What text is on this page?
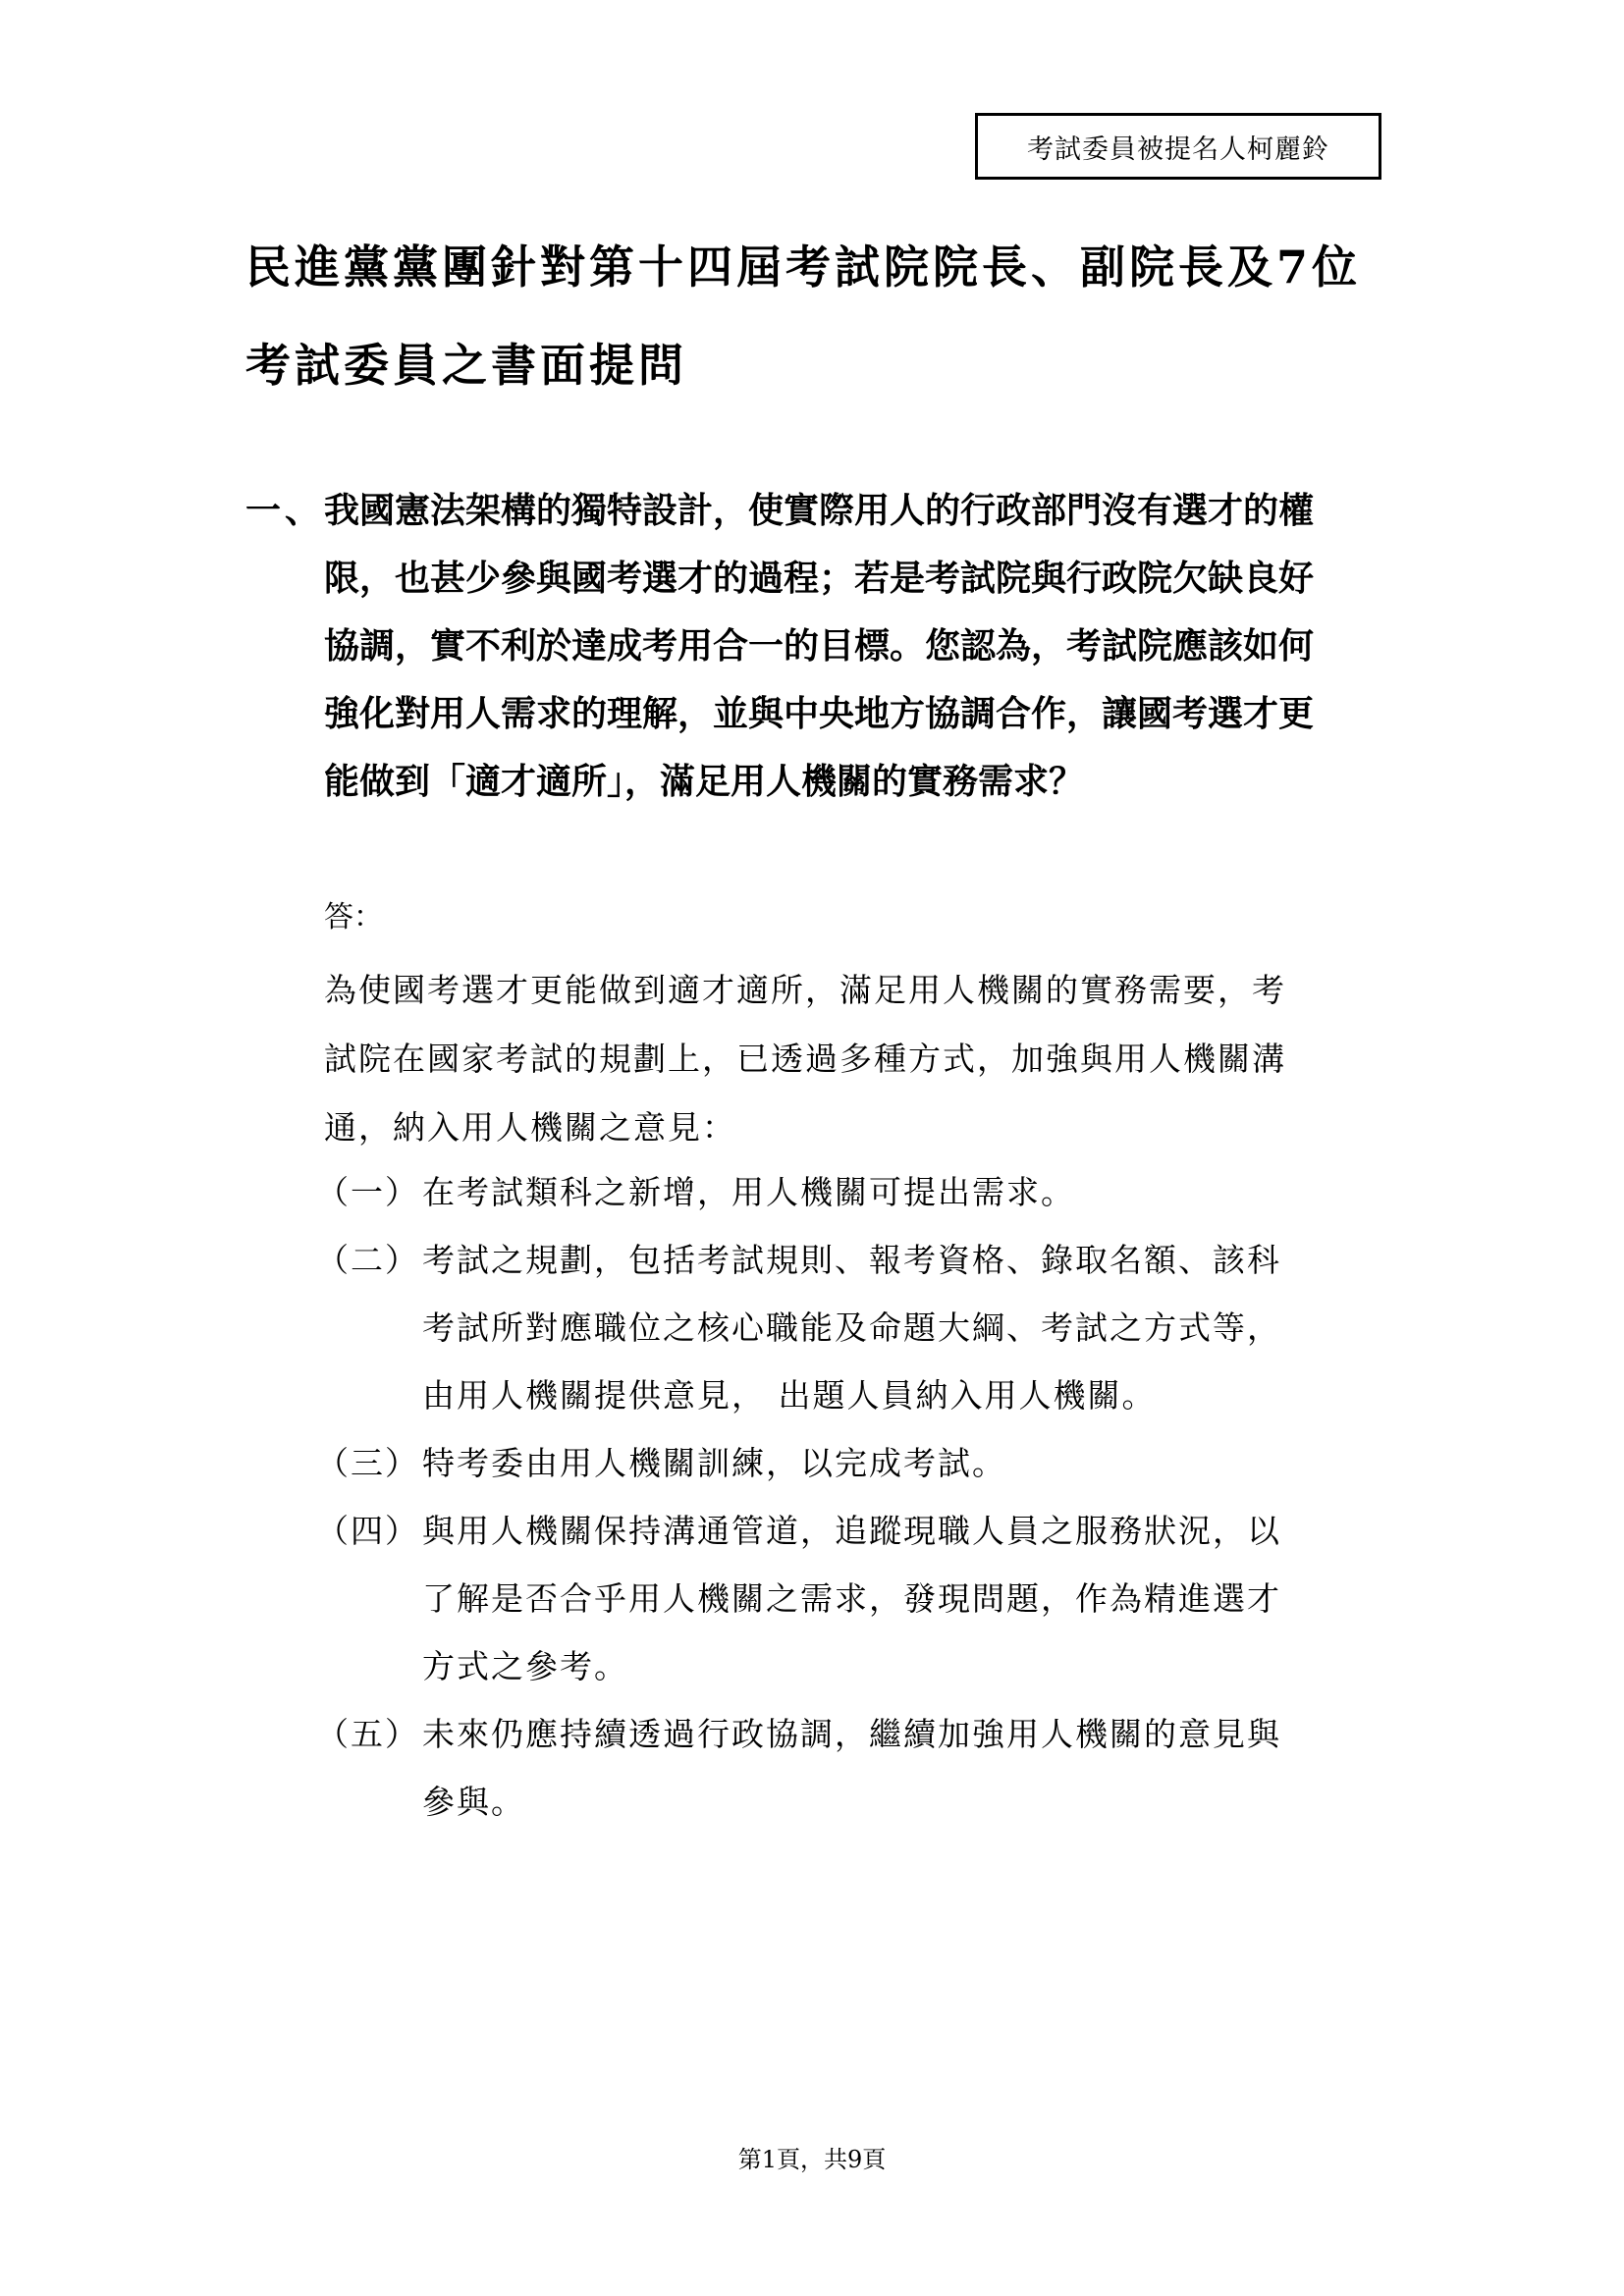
考試委員被提名人柯麗鈴
民進黨黨團針對第十四屆考試院院長、副院長及7位
考試委員之書面提問
一、 我國憲法架構的獨特設計，使實際用人的行政部門沒有選才的權
限，也甚少參與國考選才的過程；若是考試院與行政院欠缺良好
協調，實不利於達成考用合一的目標。您認為，考試院應該如何
強化對用人需求的理解，並與中央地方協調合作，讓國考選才更
能做到「適才適所」，滿足用人機關的實務需求？
答：
為使國考選才更能做到適才適所，滿足用人機關的實務需要，考
試院在國家考試的規劃上，已透過多種方式，加強與用人機關溝
通，納入用人機關之意見：
（一） 在考試類科之新增，用人機關可提出需求。
（二） 考試之規劃，包括考試規則、報考資格、錄取名額、該科
考試所對應職位之核心職能及命題大綱、考試之方式等，
由用人機關提供意見， 出題人員納入用人機關。
（三） 特考委由用人機關訓練，以完成考試。
（四） 與用人機關保持溝通管道，追蹤現職人員之服務狀況，以
了解是否合乎用人機關之需求，發現問題，作為精進選才
方式之參考。
（五） 未來仍應持續透過行政協調，繼續加強用人機關的意見與
參與。
第1頁，共9頁
